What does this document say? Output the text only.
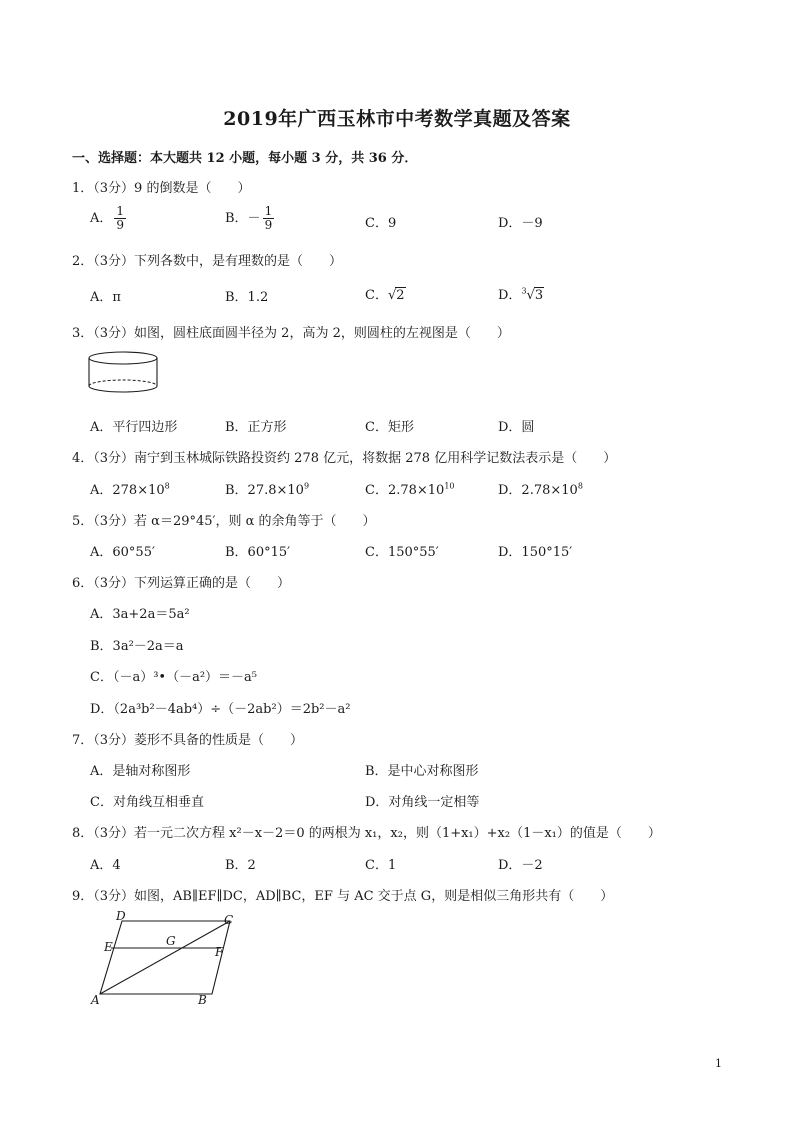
2019年广西玉林市中考数学真题及答案
一、选择题：本大题共 12 小题，每小题 3 分，共 36 分．
1．（3分）9 的倒数是（　　）
A． $\frac{1}{9}$	B．－ $\frac{1}{9}$	C．9	D．－9
2．（3分）下列各数中，是有理数的是（　　）
A．π	B．1.2	C．√2	D．$^3$√3
3．（3分）如图，圆柱底面圆半径为 2，高为 2，则圆柱的左视图是（　　）
A．平行四边形	B．正方形	C．矩形	D．圆
4．（3分）南宁到玉林城际铁路投资约 278 亿元，将数据 278 亿用科学记数法表示是（　　）
A．$278\times 10^8$	B．$27.8\times 10^9$	C．$2.78\times 10^{10}$	D．$2.78\times 10^8$
5．（3分）若 α＝29°45′，则 α 的余角等于（　　）
A．60°55′	B．60°15′	C．150°55′	D．150°15′
6．（3分）下列运算正确的是（　　）
A．3a+2a＝5a²
B．3a²－2a＝a
C．（－a）³•（－a²）＝－a⁵
D．（2a³b²－4ab⁴）÷（－2ab²）＝2b²－a²
7．（3分）菱形不具备的性质是（　　）
A．是轴对称图形	B．是中心对称图形
C．对角线互相垂直	D．对角线一定相等
8．（3分）若一元二次方程 x²－x－2＝0 的两根为 x₁，x₂，则（1+x₁）+x₂（1－x₁）的值是（　　）
A．4	B．2	C．1	D．－2
9．（3分）如图，AB∥EF∥DC，AD∥BC，EF 与 AC 交于点 G，则是相似三角形共有（　　）
D	C
E	G
F
A	B
1
